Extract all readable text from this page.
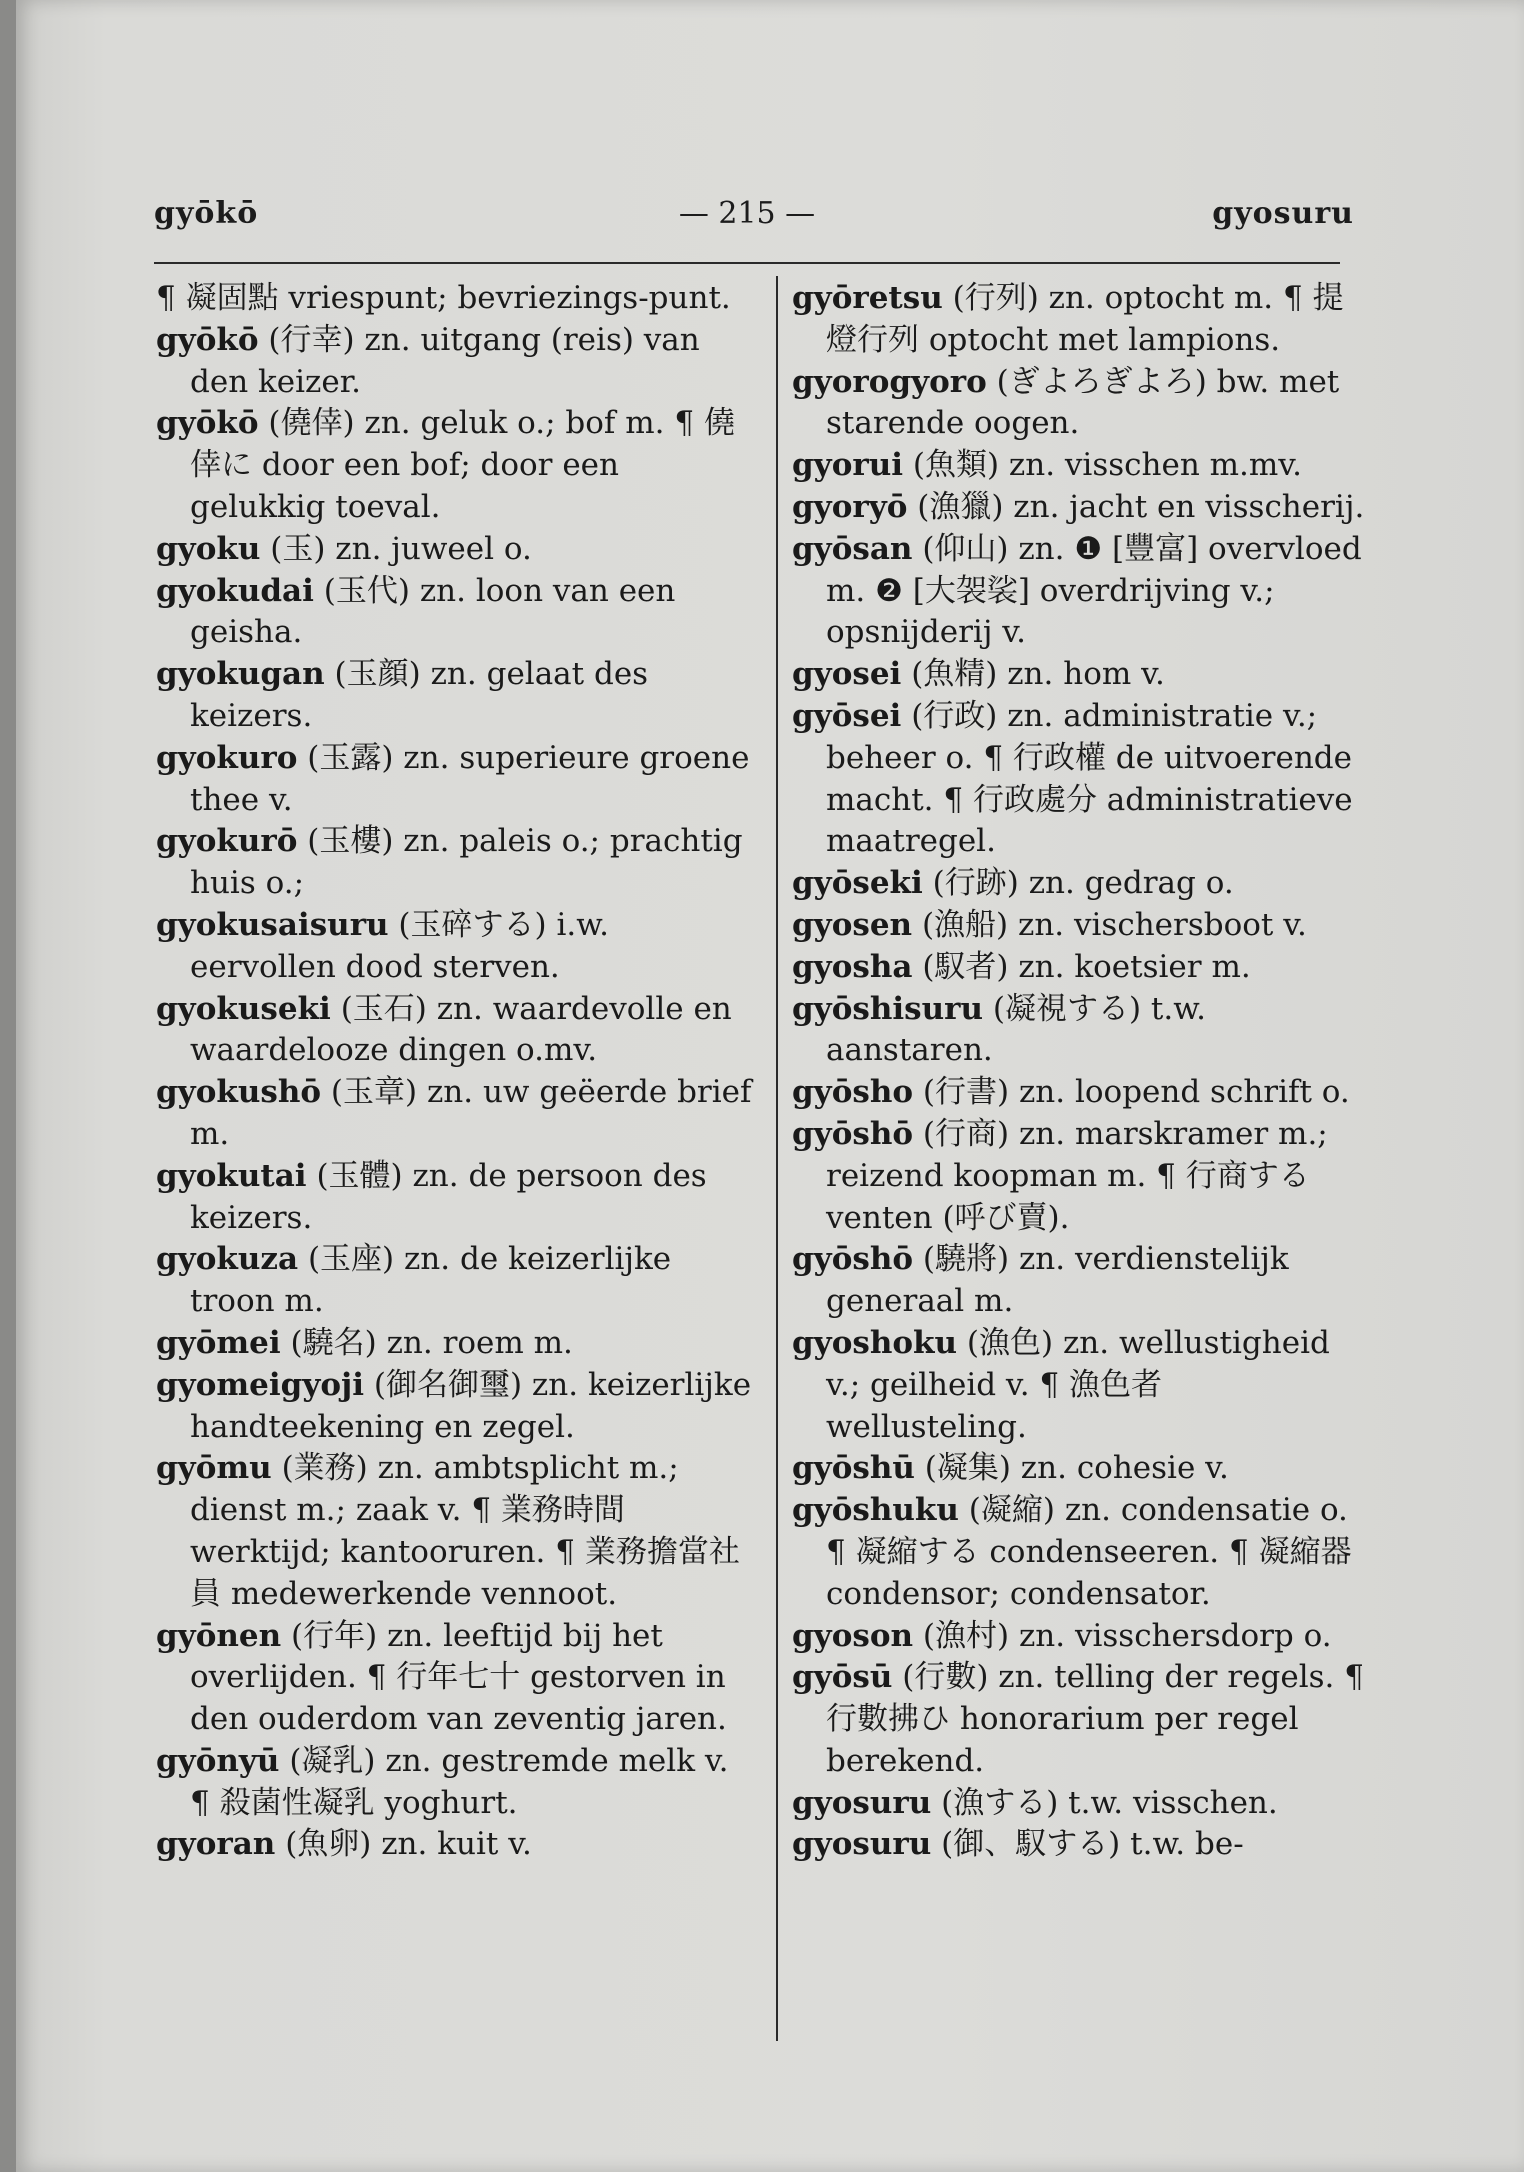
gyōkō	— 215 —	gyosuru
¶ 凝固點 vriespunt; bevriezings-punt.
gyōkō (行幸) zn. uitgang (reis) van den keizer.
gyōkō (僥倖) zn. geluk o.; bof m. ¶ 僥倖に door een bof; door een gelukkig toeval.
gyoku (玉) zn. juweel o.
gyokudai (玉代) zn. loon van een geisha.
gyokugan (玉顔) zn. gelaat des keizers.
gyokuro (玉露) zn. superieure groene thee v.
gyokurō (玉樓) zn. paleis o.; prachtig huis o.;
gyokusaisuru (玉碎する) i.w. eervollen dood sterven.
gyokuseki (玉石) zn. waardevolle en waardelooze dingen o.mv.
gyokushō (玉章) zn. uw geëerde brief m.
gyokutai (玉體) zn. de persoon des keizers.
gyokuza (玉座) zn. de keizerlijke troon m.
gyōmei (驍名) zn. roem m.
gyomeigyoji (御名御璽) zn. keizerlijke handteekening en zegel.
gyōmu (業務) zn. ambtsplicht m.; dienst m.; zaak v. ¶ 業務時間 werktijd; kantooruren. ¶ 業務擔當社員 medewerkende vennoot.
gyōnen (行年) zn. leeftijd bij het overlijden. ¶ 行年七十 gestorven in den ouderdom van zeventig jaren.
gyōnyū (凝乳) zn. gestremde melk v. ¶ 殺菌性凝乳 yoghurt.
gyoran (魚卵) zn. kuit v.
gyōretsu (行列) zn. optocht m. ¶ 提燈行列 optocht met lampions.
gyorogyoro (ぎよろぎよろ) bw. met starende oogen.
gyorui (魚類) zn. visschen m.mv.
gyoryō (漁獵) zn. jacht en visscherij.
gyōsan (仰山) zn. ❶ [豐富] overvloed m. ❷ [大袈裟] overdrijving v.; opsnijderij v.
gyosei (魚精) zn. hom v.
gyōsei (行政) zn. administratie v.; beheer o. ¶ 行政權 de uitvoerende macht. ¶ 行政處分 administratieve maatregel.
gyōseki (行跡) zn. gedrag o.
gyosen (漁船) zn. vischersboot v.
gyosha (馭者) zn. koetsier m.
gyōshisuru (凝視する) t.w. aanstaren.
gyōsho (行書) zn. loopend schrift o.
gyōshō (行商) zn. marskramer m.; reizend koopman m. ¶ 行商する venten (呼び賣).
gyōshō (驍將) zn. verdienstelijk generaal m.
gyoshoku (漁色) zn. wellustigheid v.; geilheid v. ¶ 漁色者 wellusteling.
gyōshū (凝集) zn. cohesie v.
gyōshuku (凝縮) zn. condensatie o. ¶ 凝縮する condenseeren. ¶ 凝縮器 condensor; condensator.
gyoson (漁村) zn. visschersdorp o.
gyōsū (行數) zn. telling der regels. ¶ 行數拂ひ honorarium per regel berekend.
gyosuru (漁する) t.w. visschen.
gyosuru (御、馭する) t.w. be-
